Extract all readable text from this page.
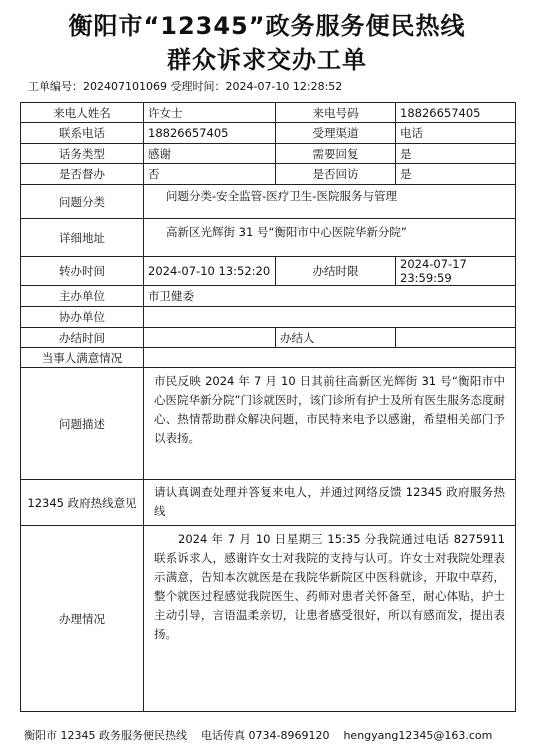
衡阳市“12345”政务服务便民热线
群众诉求交办工单
工单编号：202407101069 受理时间：2024-07-10 12:28:52
来电人姓名	许女士	来电号码	18826657405
联系电话	18826657405	受理渠道	电话
话务类型	感谢	需要回复	是
是否督办	否	是否回访	是
问题分类	问题分类-安全监管-医疗卫生-医院服务与管理		
详细地址	高新区光辉街 31 号“衡阳市中心医院华新分院”		
转办时间	2024-07-10 13:52:20	办结时限	2024-07-17 23:59:59
主办单位	市卫健委		
协办单位			
办结时间		办结人	
当事人满意情况			
问题描述	市民反映 2024 年 7 月 10 日其前往高新区光辉街 31 号“衡阳市中心医院华新分院”门诊就医时，该门诊所有护士及所有医生服务态度耐心、热情帮助群众解决问题，市民特来电予以感谢，希望相关部门予以表扬。		
12345 政府热线意见	请认真调查处理并答复来电人，并通过网络反馈 12345 政府服务热线		
办理情况	2024 年 7 月 10 日星期三 15:35 分我院通过电话 8275911 联系诉求人，感谢许女士对我院的支持与认可。许女士对我院处理表示满意，告知本次就医是在我院华新院区中医科就诊，开取中草药，整个就医过程感觉我院医生、药师对患者关怀备至，耐心体贴，护士主动引导，言语温柔亲切，让患者感受很好，所以有感而发，提出表扬。		
衡阳市 12345 政务服务便民热线 电话传真 0734-8969120 hengyang12345@163.com
